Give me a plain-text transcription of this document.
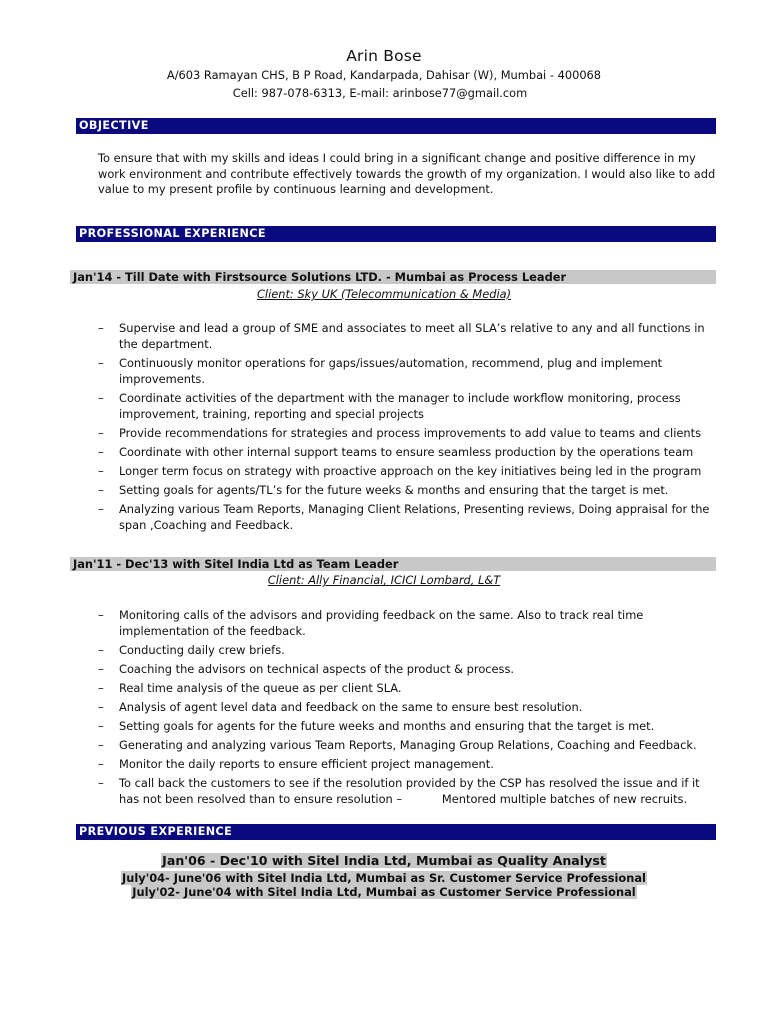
Arin Bose
A/603 Ramayan CHS, B P Road, Kandarpada, Dahisar (W), Mumbai - 400068
Cell: 987-078-6313, E-mail: arinbose77@gmail.com
OBJECTIVE
To ensure that with my skills and ideas I could bring in a significant change and positive difference in my work environment and contribute effectively towards the growth of my organization. I would also like to add value to my present profile by continuous learning and development.
PROFESSIONAL EXPERIENCE
Jan'14 - Till Date with Firstsource Solutions LTD. - Mumbai as Process Leader
Client: Sky UK (Telecommunication & Media)
– Supervise and lead a group of SME and associates to meet all SLA’s relative to any and all functions in the department.
– Continuously monitor operations for gaps/issues/automation, recommend, plug and implement improvements.
– Coordinate activities of the department with the manager to include workflow monitoring, process improvement, training, reporting and special projects
– Provide recommendations for strategies and process improvements to add value to teams and clients
– Coordinate with other internal support teams to ensure seamless production by the operations team
– Longer term focus on strategy with proactive approach on the key initiatives being led in the program
– Setting goals for agents/TL’s for the future weeks & months and ensuring that the target is met.
– Analyzing various Team Reports, Managing Client Relations, Presenting reviews, Doing appraisal for the span ,Coaching and Feedback.
Jan'11 - Dec'13 with Sitel India Ltd as Team Leader
Client: Ally Financial, ICICI Lombard, L&T
– Monitoring calls of the advisors and providing feedback on the same. Also to track real time implementation of the feedback.
– Conducting daily crew briefs.
– Coaching the advisors on technical aspects of the product & process.
– Real time analysis of the queue as per client SLA.
– Analysis of agent level data and feedback on the same to ensure best resolution.
– Setting goals for agents for the future weeks and months and ensuring that the target is met.
– Generating and analyzing various Team Reports, Managing Group Relations, Coaching and Feedback.
– Monitor the daily reports to ensure efficient project management.
– To call back the customers to see if the resolution provided by the CSP has resolved the issue and if it has not been resolved than to ensure resolution –           Mentored multiple batches of new recruits.
PREVIOUS EXPERIENCE
Jan'06 - Dec'10 with Sitel India Ltd, Mumbai as Quality Analyst
July'04- June'06 with Sitel India Ltd, Mumbai as Sr. Customer Service Professional
July'02- June'04 with Sitel India Ltd, Mumbai as Customer Service Professional
